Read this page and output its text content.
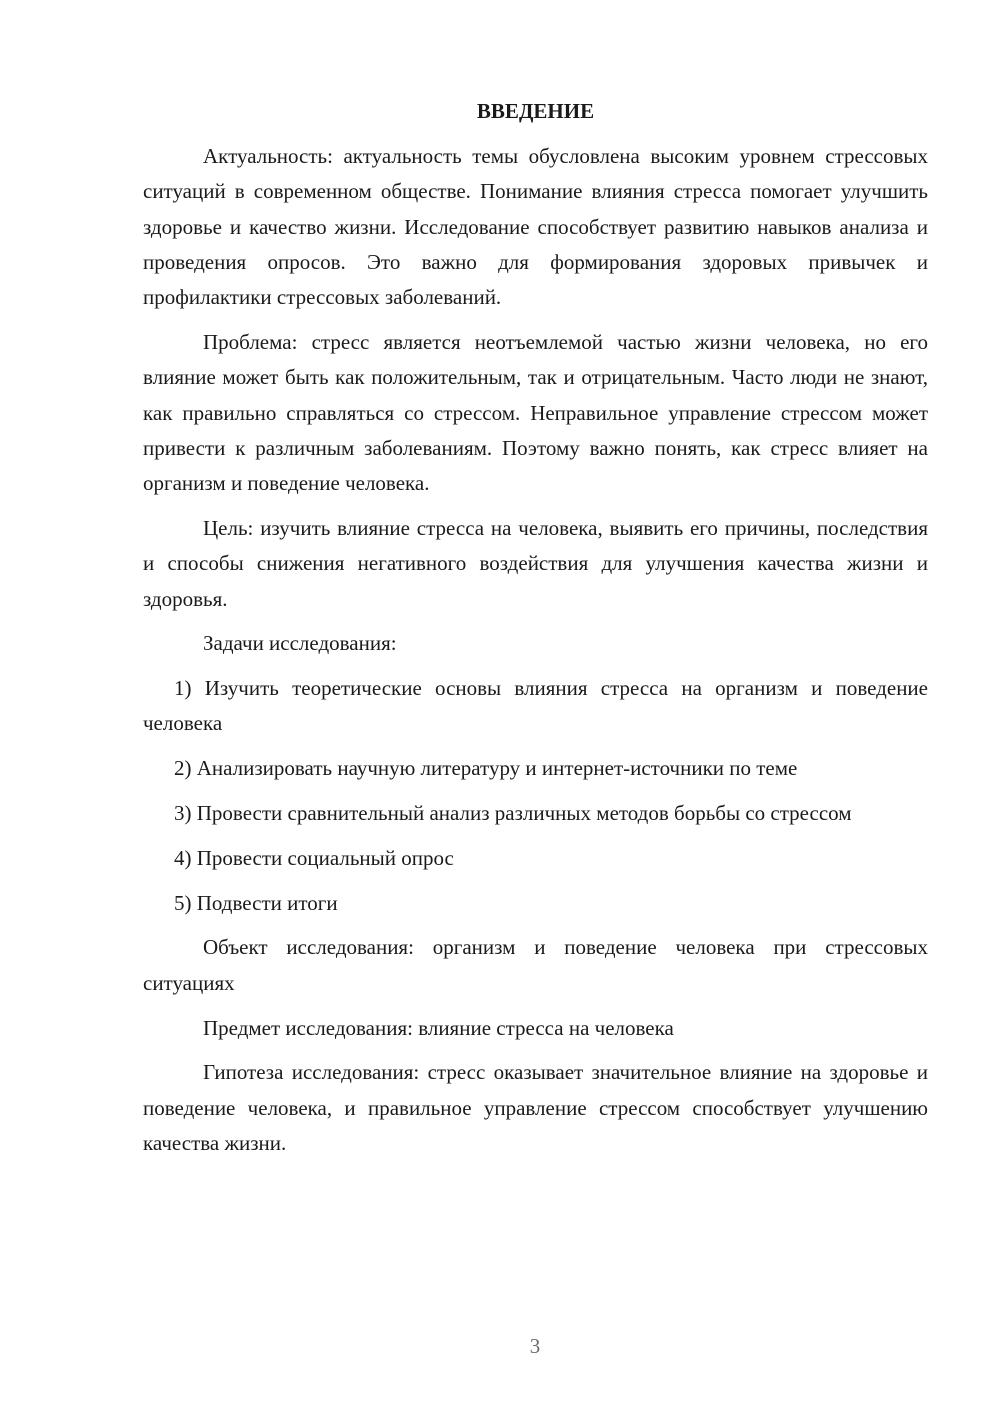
ВВЕДЕНИЕ

Актуальность: актуальность темы обусловлена высоким уровнем стрессовых ситуаций в современном обществе. Понимание влияния стресса помогает улучшить здоровье и качество жизни. Исследование способствует развитию навыков анализа и проведения опросов. Это важно для формирования здоровых привычек и профилактики стрессовых заболеваний.

Проблема: стресс является неотъемлемой частью жизни человека, но его влияние может быть как положительным, так и отрицательным. Часто люди не знают, как правильно справляться со стрессом. Неправильное управление стрессом может привести к различным заболеваниям. Поэтому важно понять, как стресс влияет на организм и поведение человека.

Цель: изучить влияние стресса на человека, выявить его причины, последствия и способы снижения негативного воздействия для улучшения качества жизни и здоровья.

Задачи исследования:

1) Изучить теоретические основы влияния стресса на организм и поведение человека

2) Анализировать научную литературу и интернет-источники по теме

3) Провести сравнительный анализ различных методов борьбы со стрессом

4) Провести социальный опрос

5) Подвести итоги

Объект исследования: организм и поведение человека при стрессовых ситуациях

Предмет исследования: влияние стресса на человека

Гипотеза исследования: стресс оказывает значительное влияние на здоровье и поведение человека, и правильное управление стрессом способствует улучшению качества жизни.

3
